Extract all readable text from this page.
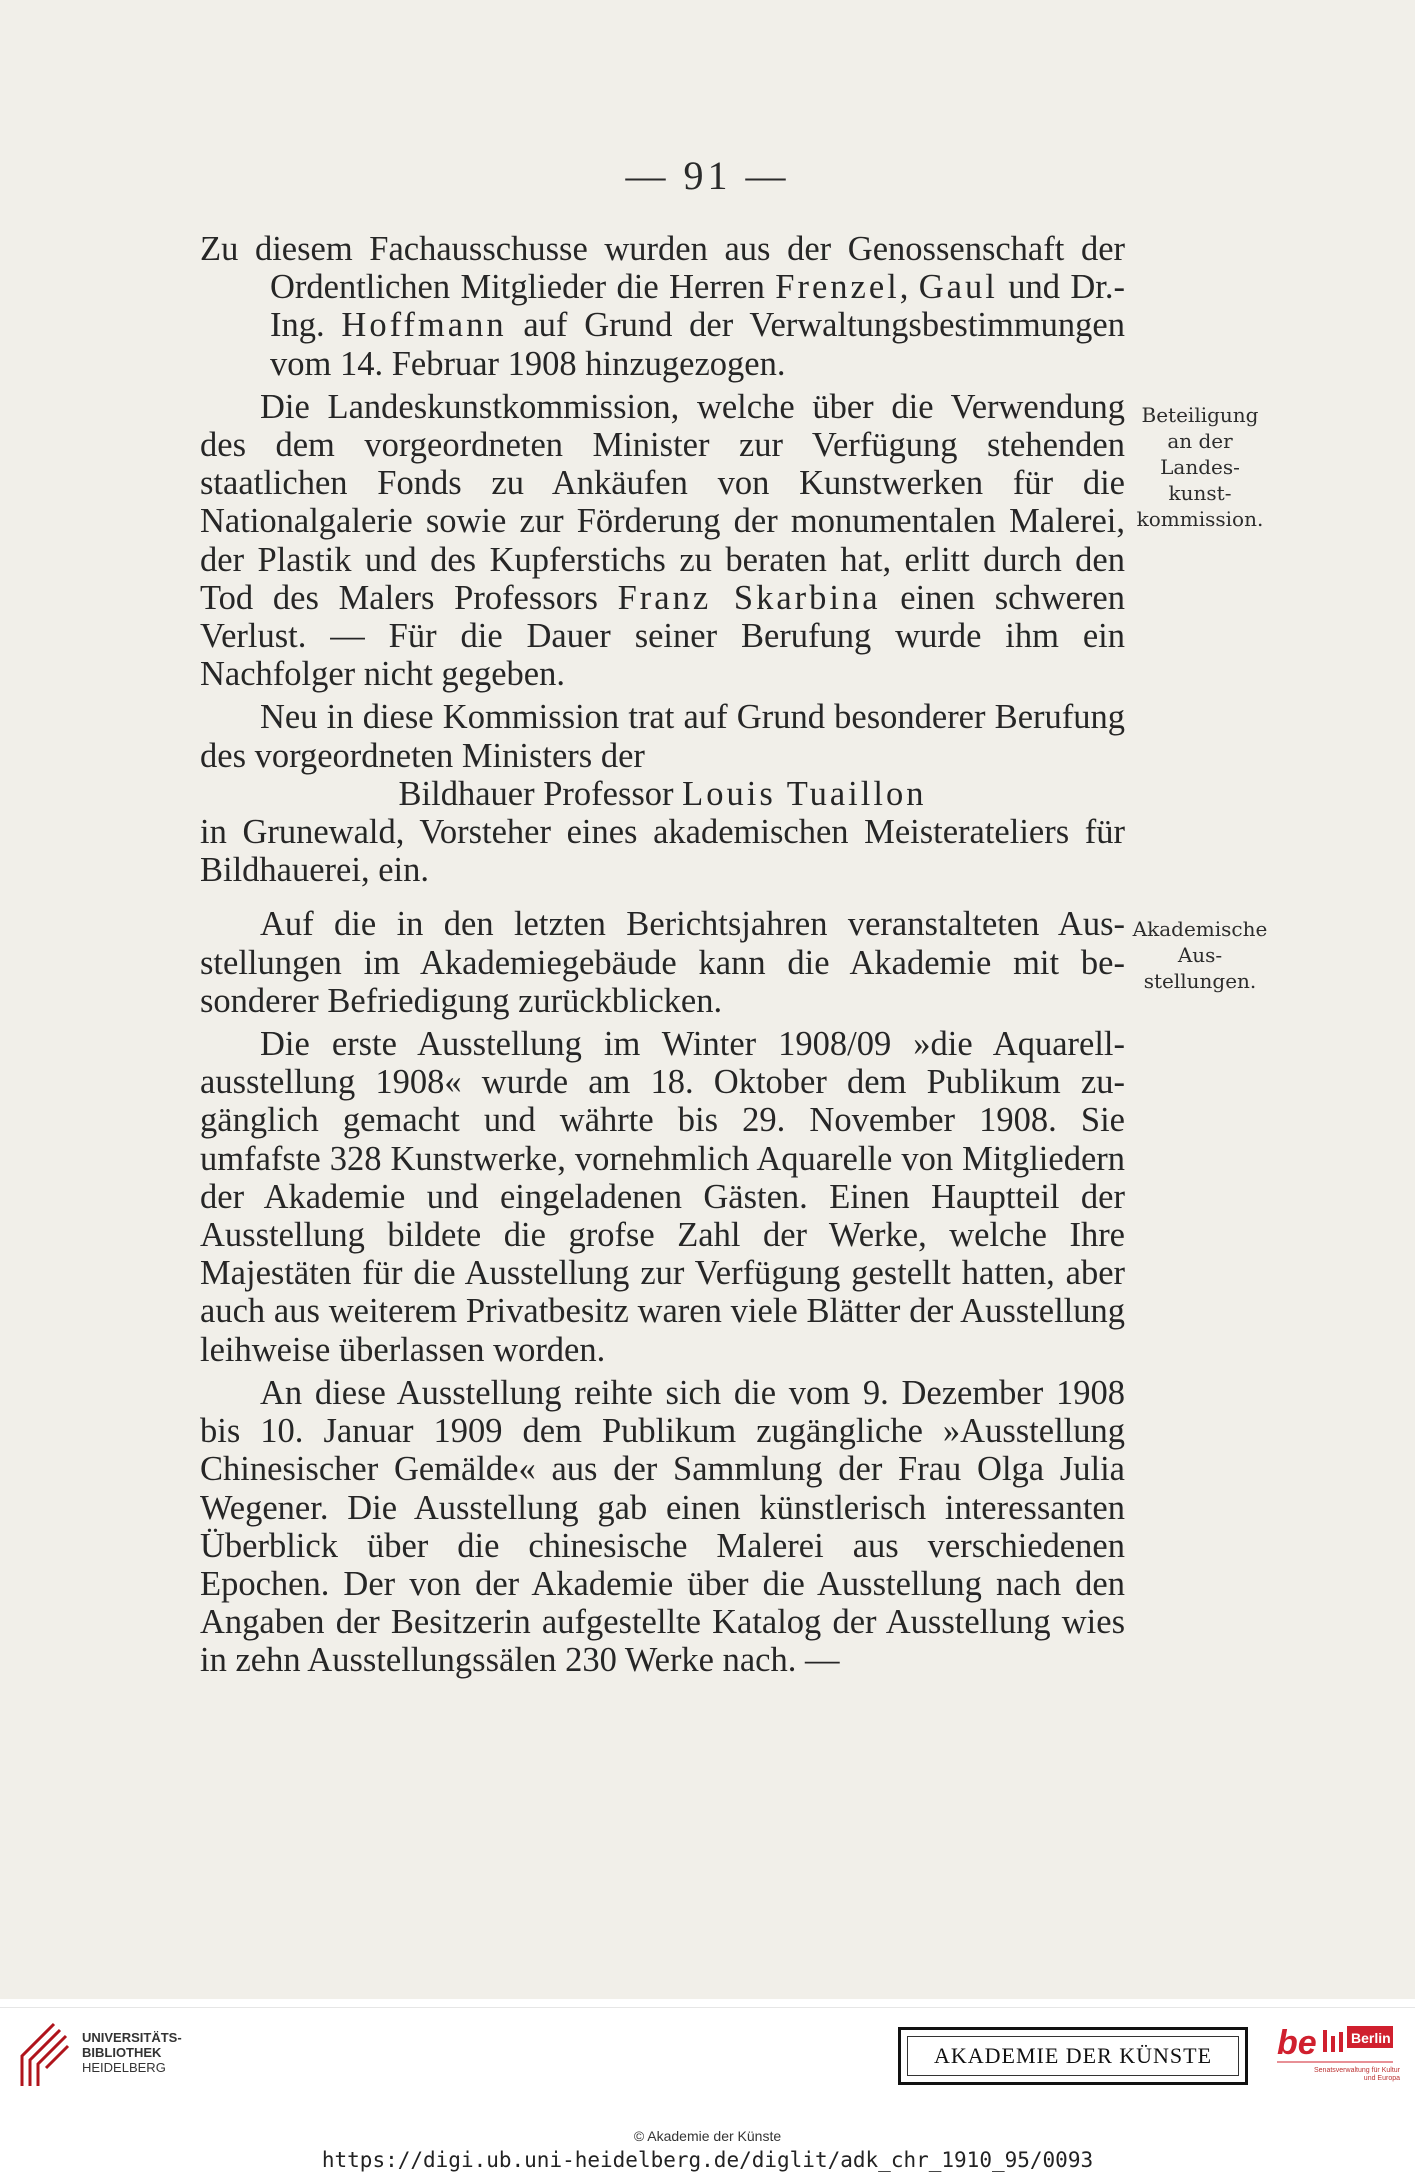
— 91 —

Zu diesem Fachausschusse wurden aus der Genossenschaft der Ordentlichen Mitglieder die Herren Frenzel, Gaul und Dr.-Ing. Hoffmann auf Grund der Verwaltungsbestimmungen vom 14. Februar 1908 hinzugezogen.

Die Landeskunstkommission, welche über die Verwendung des dem vorgeordneten Minister zur Verfügung stehenden staatlichen Fonds zu Ankäufen von Kunstwerken für die Nationalgalerie sowie zur Förderung der monumentalen Malerei, der Plastik und des Kupferstichs zu beraten hat, erlitt durch den Tod des Malers Professors Franz Skarbina einen schweren Verlust. — Für die Dauer seiner Berufung wurde ihm ein Nachfolger nicht gegeben.

Neu in diese Kommission trat auf Grund besonderer Berufung des vorgeordneten Ministers der

Bildhauer Professor Louis Tuaillon

in Grunewald, Vorsteher eines akademischen Meisterateliers für Bildhauerei, ein.

Auf die in den letzten Berichtsjahren veranstalteten Ausstellungen im Akademiegebäude kann die Akademie mit besonderer Befriedigung zurückblicken.

Die erste Ausstellung im Winter 1908/09 »die Aquarellausstellung 1908« wurde am 18. Oktober dem Publikum zugänglich gemacht und währte bis 29. November 1908. Sie umfafste 328 Kunstwerke, vornehmlich Aquarelle von Mitgliedern der Akademie und eingeladenen Gästen. Einen Hauptteil der Ausstellung bildete die grofse Zahl der Werke, welche Ihre Majestäten für die Ausstellung zur Verfügung gestellt hatten, aber auch aus weiterem Privatbesitz waren viele Blätter der Ausstellung leihweise überlassen worden.

An diese Ausstellung reihte sich die vom 9. Dezember 1908 bis 10. Januar 1909 dem Publikum zugängliche »Ausstellung Chinesischer Gemälde« aus der Sammlung der Frau Olga Julia Wegener. Die Ausstellung gab einen künstlerisch interessanten Überblick über die chinesische Malerei aus verschiedenen Epochen. Der von der Akademie über die Ausstellung nach den Angaben der Besitzerin aufgestellte Katalog der Ausstellung wies in zehn Ausstellungssälen 230 Werke nach. —

Beteiligung
an der
Landes-
kunst-
kommission.
Akademische
Aus-
stellungen.
UNIVERSITÄTS-
BIBLIOTHEK
HEIDELBERG	AKADEMIE DER KÜNSTE	be Berlin
Senatsverwaltung für Kultur und Europa
© Akademie der Künste
https://digi.ub.uni-heidelberg.de/diglit/adk_chr_1910_95/0093
